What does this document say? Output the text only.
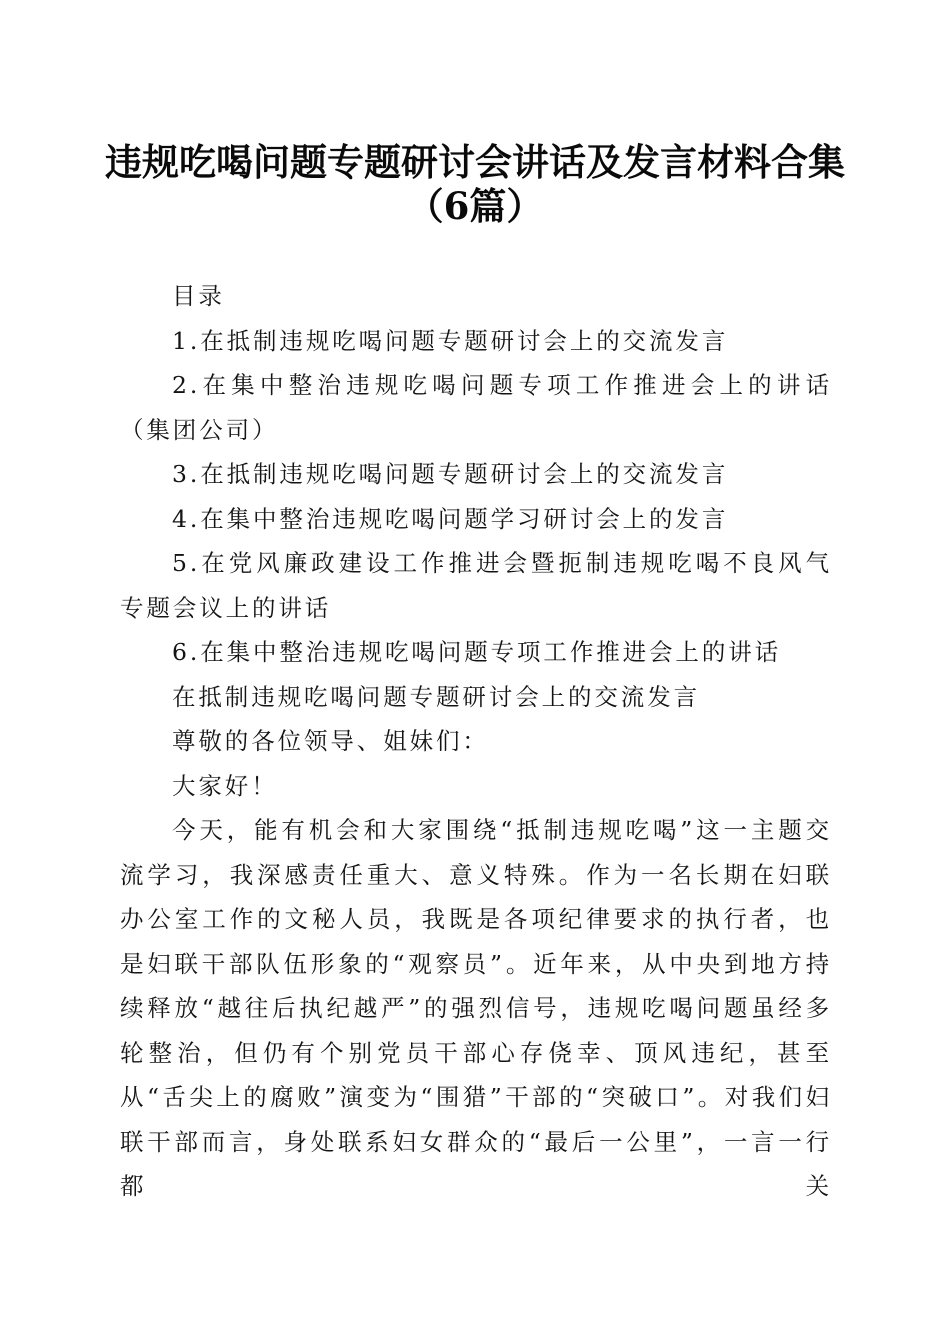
违规吃喝问题专题研讨会讲话及发言材料合集
（6篇）

目录

1.在抵制违规吃喝问题专题研讨会上的交流发言

2.在集中整治违规吃喝问题专项工作推进会上的讲话（集团公司）

3.在抵制违规吃喝问题专题研讨会上的交流发言

4.在集中整治违规吃喝问题学习研讨会上的发言

5.在党风廉政建设工作推进会暨扼制违规吃喝不良风气专题会议上的讲话

6.在集中整治违规吃喝问题专项工作推进会上的讲话

在抵制违规吃喝问题专题研讨会上的交流发言

尊敬的各位领导、姐妹们：

大家好！

今天，能有机会和大家围绕“抵制违规吃喝”这一主题交流学习，我深感责任重大、意义特殊。作为一名长期在妇联办公室工作的文秘人员，我既是各项纪律要求的执行者，也是妇联干部队伍形象的“观察员”。近年来，从中央到地方持续释放“越往后执纪越严”的强烈信号，违规吃喝问题虽经多轮整治，但仍有个别党员干部心存侥幸、顶风违纪，甚至从“舌尖上的腐败”演变为“围猎”干部的“突破口”。对我们妇联干部而言，身处联系妇女群众的“最后一公里”，一言一行都关
